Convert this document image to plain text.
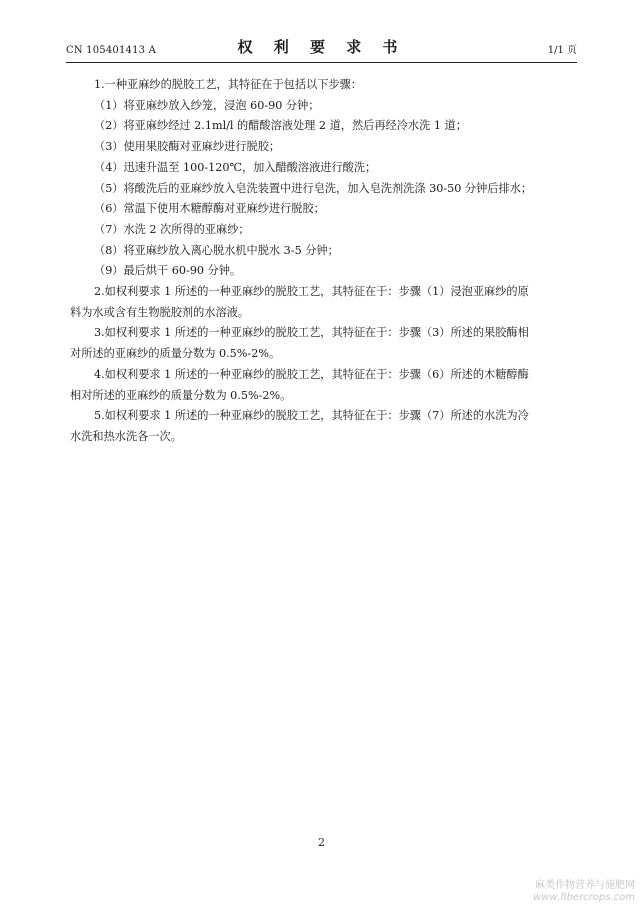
CN 105401413 A	权 利 要 求 书	1/1 页
1.一种亚麻纱的脱胶工艺，其特征在于包括以下步骤：
（1）将亚麻纱放入纱笼，浸泡 60-90 分钟；
（2）将亚麻纱经过 2.1ml/l 的醋酸溶液处理 2 道，然后再经冷水洗 1 道；
（3）使用果胶酶对亚麻纱进行脱胶；
（4）迅速升温至 100-120℃，加入醋酸溶液进行酸洗；
（5）将酸洗后的亚麻纱放入皂洗装置中进行皂洗，加入皂洗剂洗涤 30-50 分钟后排水；
（6）常温下使用木糖醇酶对亚麻纱进行脱胶；
（7）水洗 2 次所得的亚麻纱；
（8）将亚麻纱放入离心脱水机中脱水 3-5 分钟；
（9）最后烘干 60-90 分钟。
2.如权利要求 1 所述的一种亚麻纱的脱胶工艺，其特征在于：步骤（1）浸泡亚麻纱的原
料为水或含有生物脱胶剂的水溶液。
3.如权利要求 1 所述的一种亚麻纱的脱胶工艺，其特征在于：步骤（3）所述的果胶酶相
对所述的亚麻纱的质量分数为 0.5%-2%。
4.如权利要求 1 所述的一种亚麻纱的脱胶工艺，其特征在于：步骤（6）所述的木糖醇酶
相对所述的亚麻纱的质量分数为 0.5%-2%。
5.如权利要求 1 所述的一种亚麻纱的脱胶工艺，其特征在于：步骤（7）所述的水洗为冷
水洗和热水洗各一次。
2
麻类作物营养与施肥网
www.fibercrops.com
